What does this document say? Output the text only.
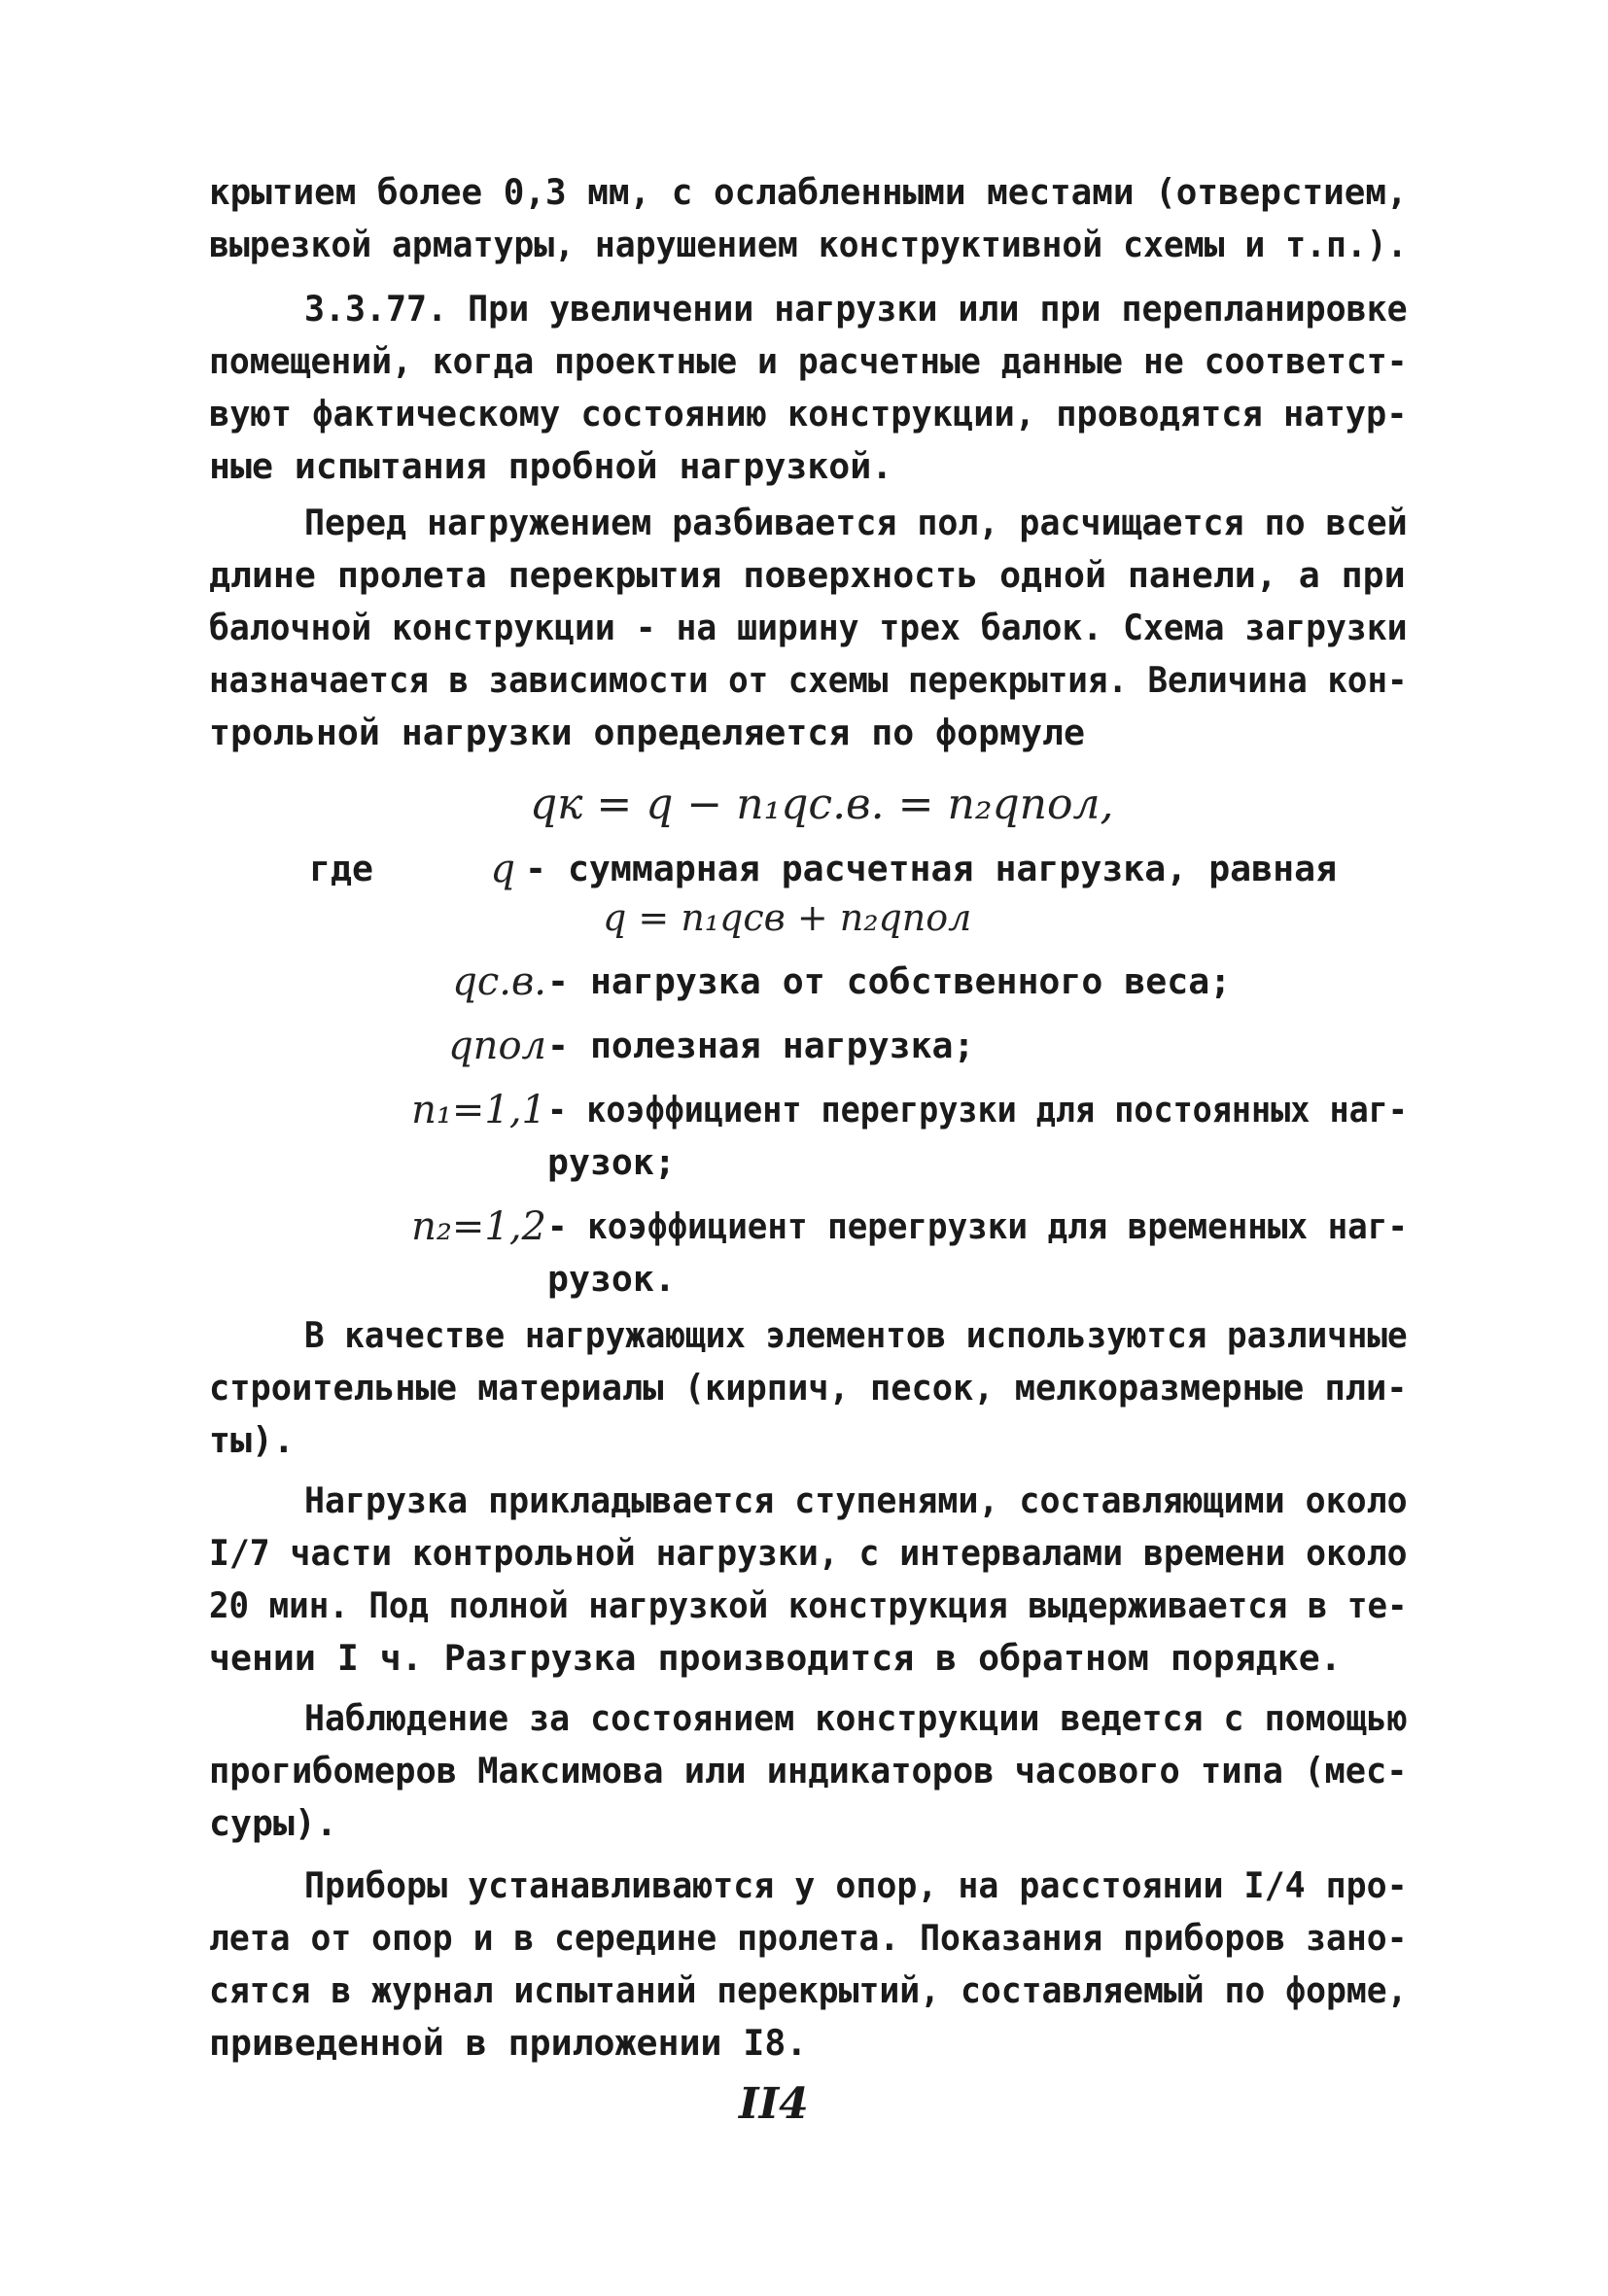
крытием более 0,3 мм, с ослабленными местами (отверстием,
вырезкой арматуры, нарушением конструктивной схемы и т.п.).
3.3.77. При увеличении нагрузки или при перепланировке
помещений, когда проектные и расчетные данные не соответст-
вуют фактическому состоянию конструкции, проводятся натур-
ные испытания пробной нагрузкой.
Перед нагружением разбивается пол, расчищается по всей
длине пролета перекрытия поверхность одной панели, а при
балочной конструкции - на ширину трех балок. Схема загрузки
назначается в зависимости от схемы перекрытия. Величина кон-
трольной нагрузки определяется по формуле
qк = q − n₁qс.в. = n₂qпол,
где	q - суммарная расчетная нагрузка, равная
q = n₁qсв + n₂qпол
qс.в. - нагрузка от собственного веса;
qпол - полезная нагрузка;
n₁=1,1 - коэффициент перегрузки для постоянных наг-
рузок;
n₂=1,2 - коэффициент перегрузки для временных наг-
рузок.
В качестве нагружающих элементов используются различные
строительные материалы (кирпич, песок, мелкоразмерные пли-
ты).
Нагрузка прикладывается ступенями, составляющими около
I/7 части контрольной нагрузки, с интервалами времени около
20 мин. Под полной нагрузкой конструкция выдерживается в те-
чении I ч. Разгрузка производится в обратном порядке.
Наблюдение за состоянием конструкции ведется с помощью
прогибомеров Максимова или индикаторов часового типа (мес-
суры).
Приборы устанавливаются у опор, на расстоянии I/4 про-
лета от опор и в середине пролета. Показания приборов зано-
сятся в журнал испытаний перекрытий, составляемый по форме,
приведенной в приложении I8.
II4
